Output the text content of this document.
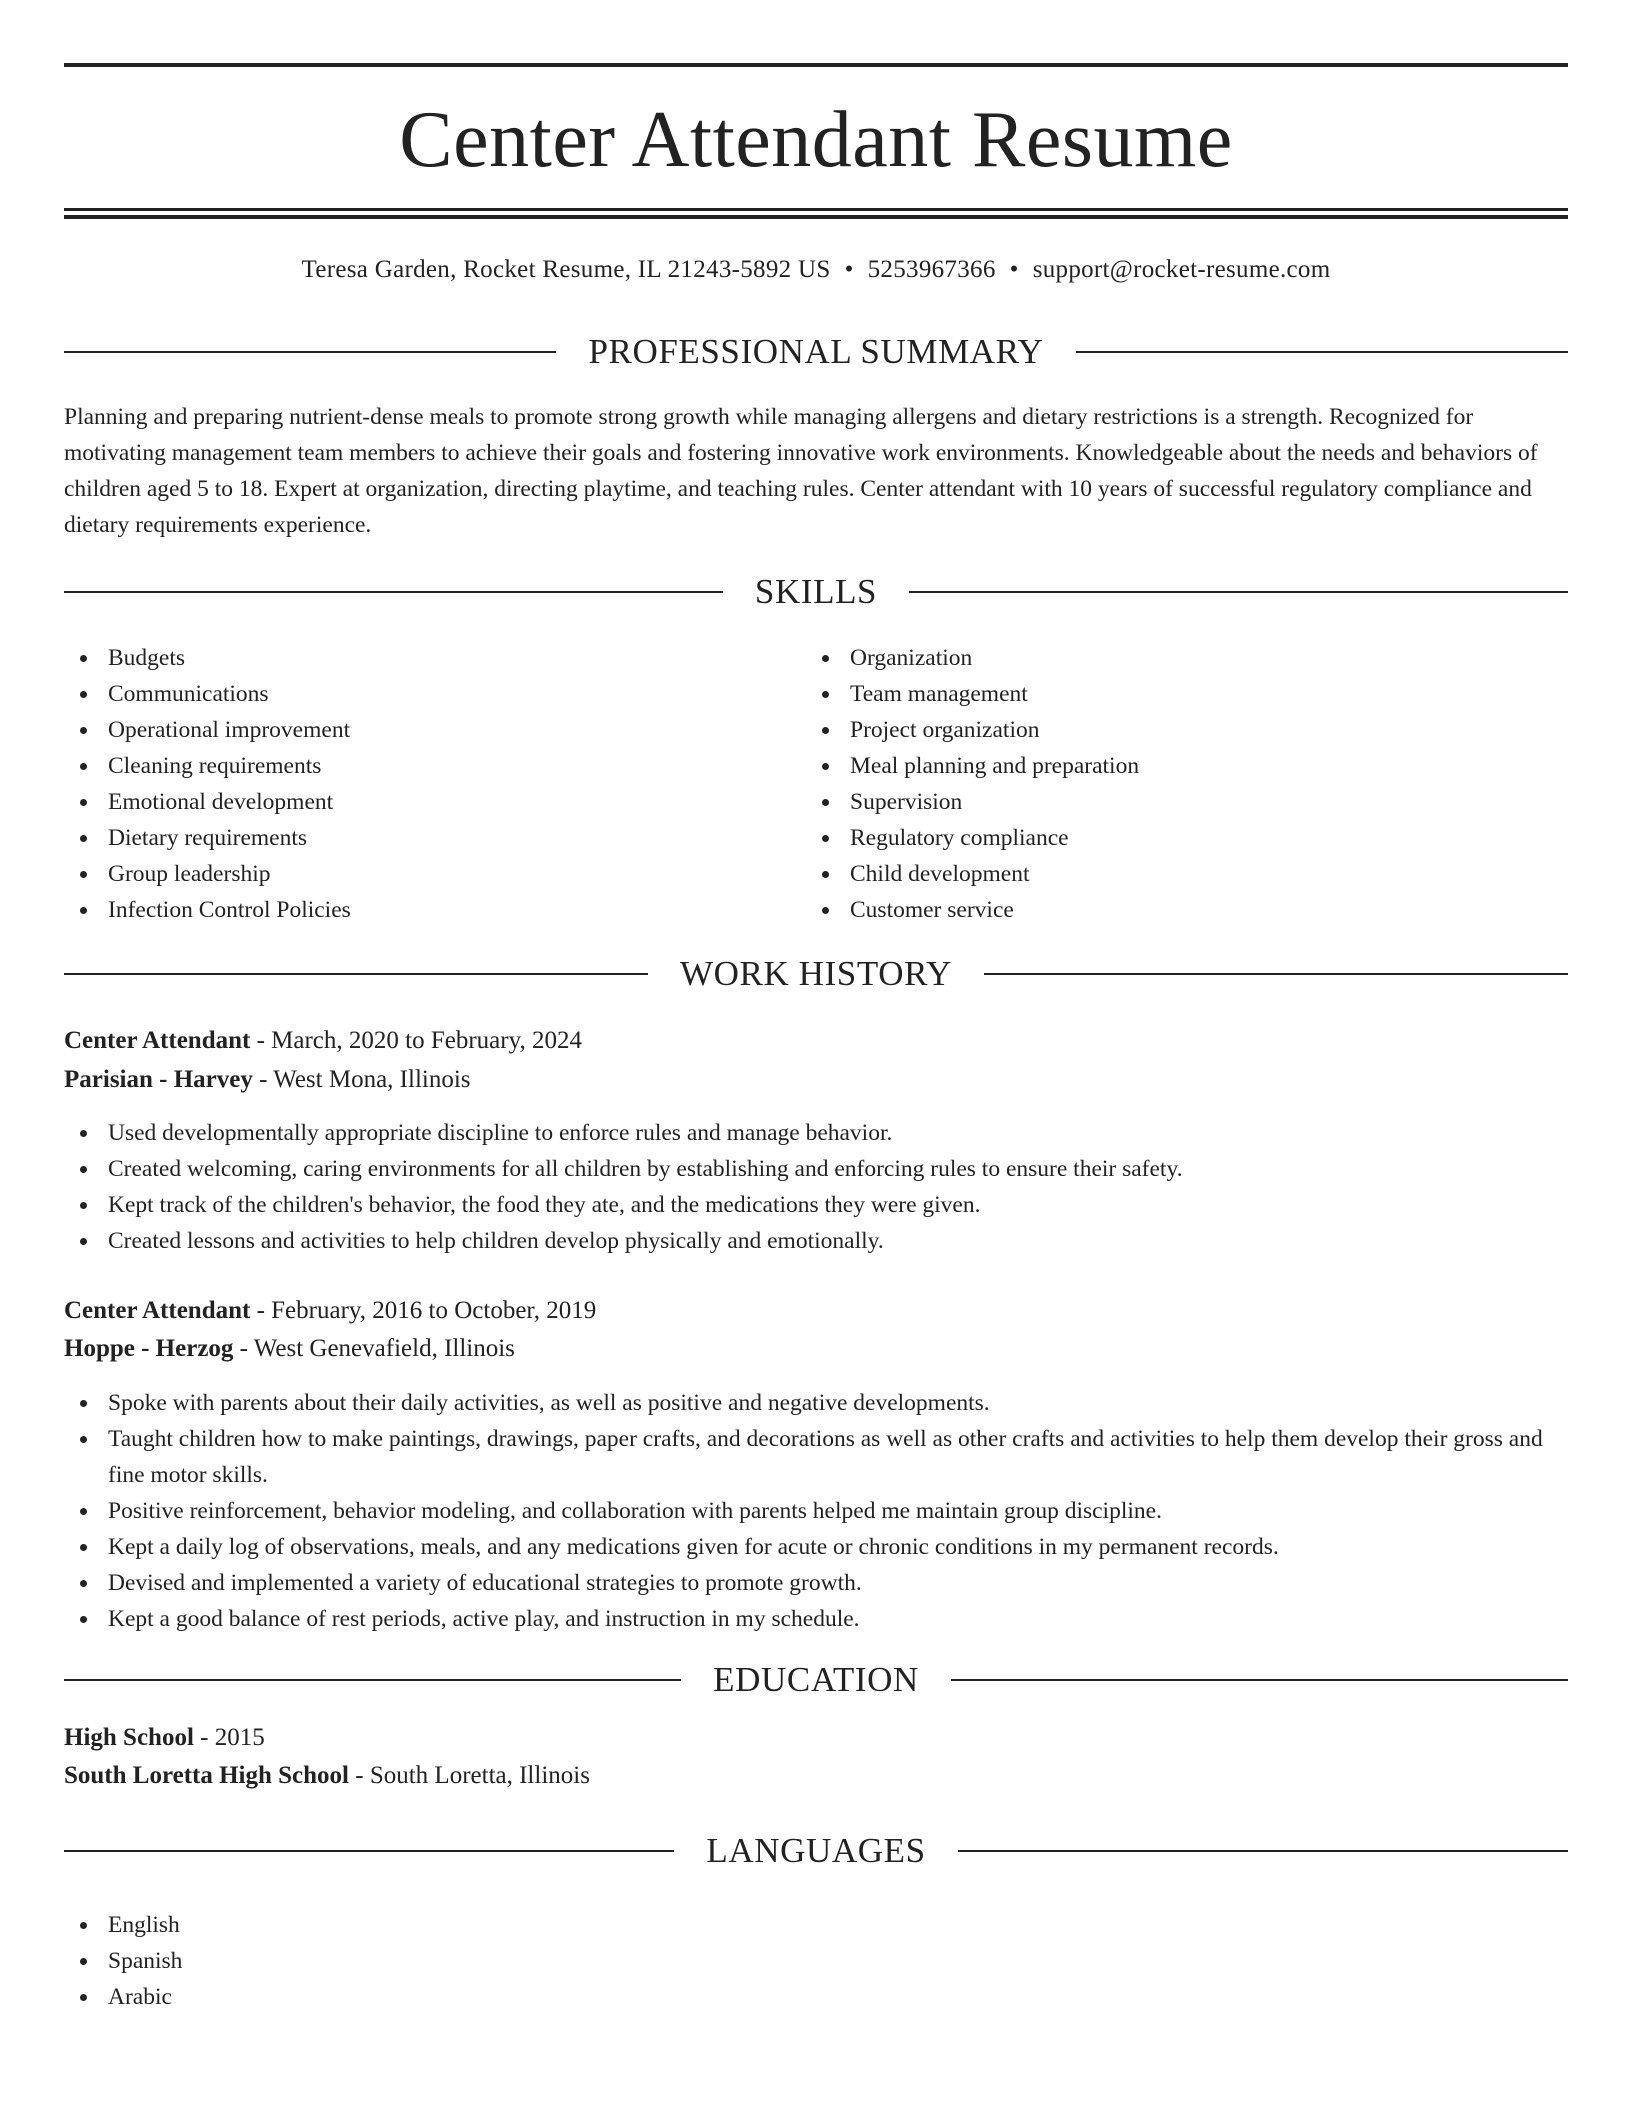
Center Attendant Resume
Teresa Garden, Rocket Resume, IL 21243-5892 US • 5253967366 • support@rocket-resume.com
PROFESSIONAL SUMMARY

Planning and preparing nutrient-dense meals to promote strong growth while managing allergens and dietary restrictions is a strength. Recognized for motivating management team members to achieve their goals and fostering innovative work environments. Knowledgeable about the needs and behaviors of children aged 5 to 18. Expert at organization, directing playtime, and teaching rules. Center attendant with 10 years of successful regulatory compliance and dietary requirements experience.

SKILLS
Budgets
Communications
Operational improvement
Cleaning requirements
Emotional development
Dietary requirements
Group leadership
Infection Control Policies
Organization
Team management
Project organization
Meal planning and preparation
Supervision
Regulatory compliance
Child development
Customer service
WORK HISTORY
Center Attendant - March, 2020 to February, 2024
Parisian - Harvey - West Mona, Illinois
Used developmentally appropriate discipline to enforce rules and manage behavior.
Created welcoming, caring environments for all children by establishing and enforcing rules to ensure their safety.
Kept track of the children's behavior, the food they ate, and the medications they were given.
Created lessons and activities to help children develop physically and emotionally.
Center Attendant - February, 2016 to October, 2019
Hoppe - Herzog - West Genevafield, Illinois
Spoke with parents about their daily activities, as well as positive and negative developments.
Taught children how to make paintings, drawings, paper crafts, and decorations as well as other crafts and activities to help them develop their gross and fine motor skills.
Positive reinforcement, behavior modeling, and collaboration with parents helped me maintain group discipline.
Kept a daily log of observations, meals, and any medications given for acute or chronic conditions in my permanent records.
Devised and implemented a variety of educational strategies to promote growth.
Kept a good balance of rest periods, active play, and instruction in my schedule.
EDUCATION
High School - 2015
South Loretta High School - South Loretta, Illinois
LANGUAGES
English
Spanish
Arabic
